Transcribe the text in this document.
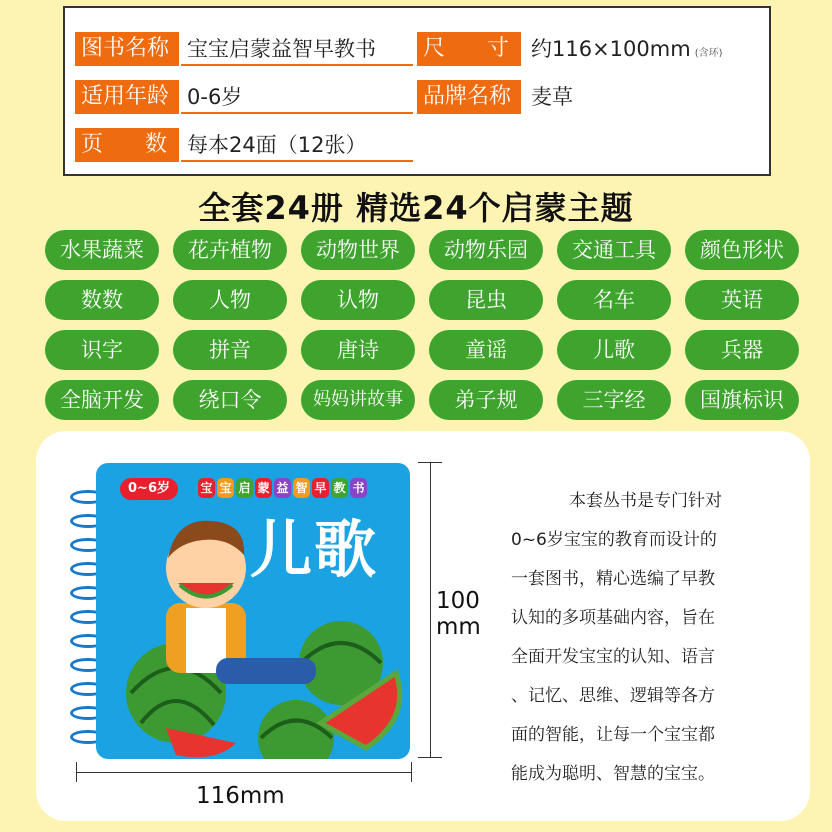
图书名称 宝宝启蒙益智早教书	尺      寸	约116×100mm (含环)
适用年龄 0-6岁	品牌名称 麦草
页      数 每本24面（12张）
全套24册 精选24个启蒙主题
水果蔬菜	花卉植物	动物世界	动物乐园	交通工具	颜色形状
数数	人物	认物	昆虫	名车	英语
识字	拼音	唐诗	童谣	儿歌	兵器
全脑开发	绕口令	妈妈讲故事	弟子规	三字经	国旗标识
0~6岁	宝 宝 启 蒙 益 智 早 教 书
儿歌
100
mm
116mm
本套丛书是专门针对
0~6岁宝宝的教育而设计的
一套图书，精心选编了早教
认知的多项基础内容，旨在
全面开发宝宝的认知、语言
、记忆、思维、逻辑等各方
面的智能，让每一个宝宝都
能成为聪明、智慧的宝宝。
